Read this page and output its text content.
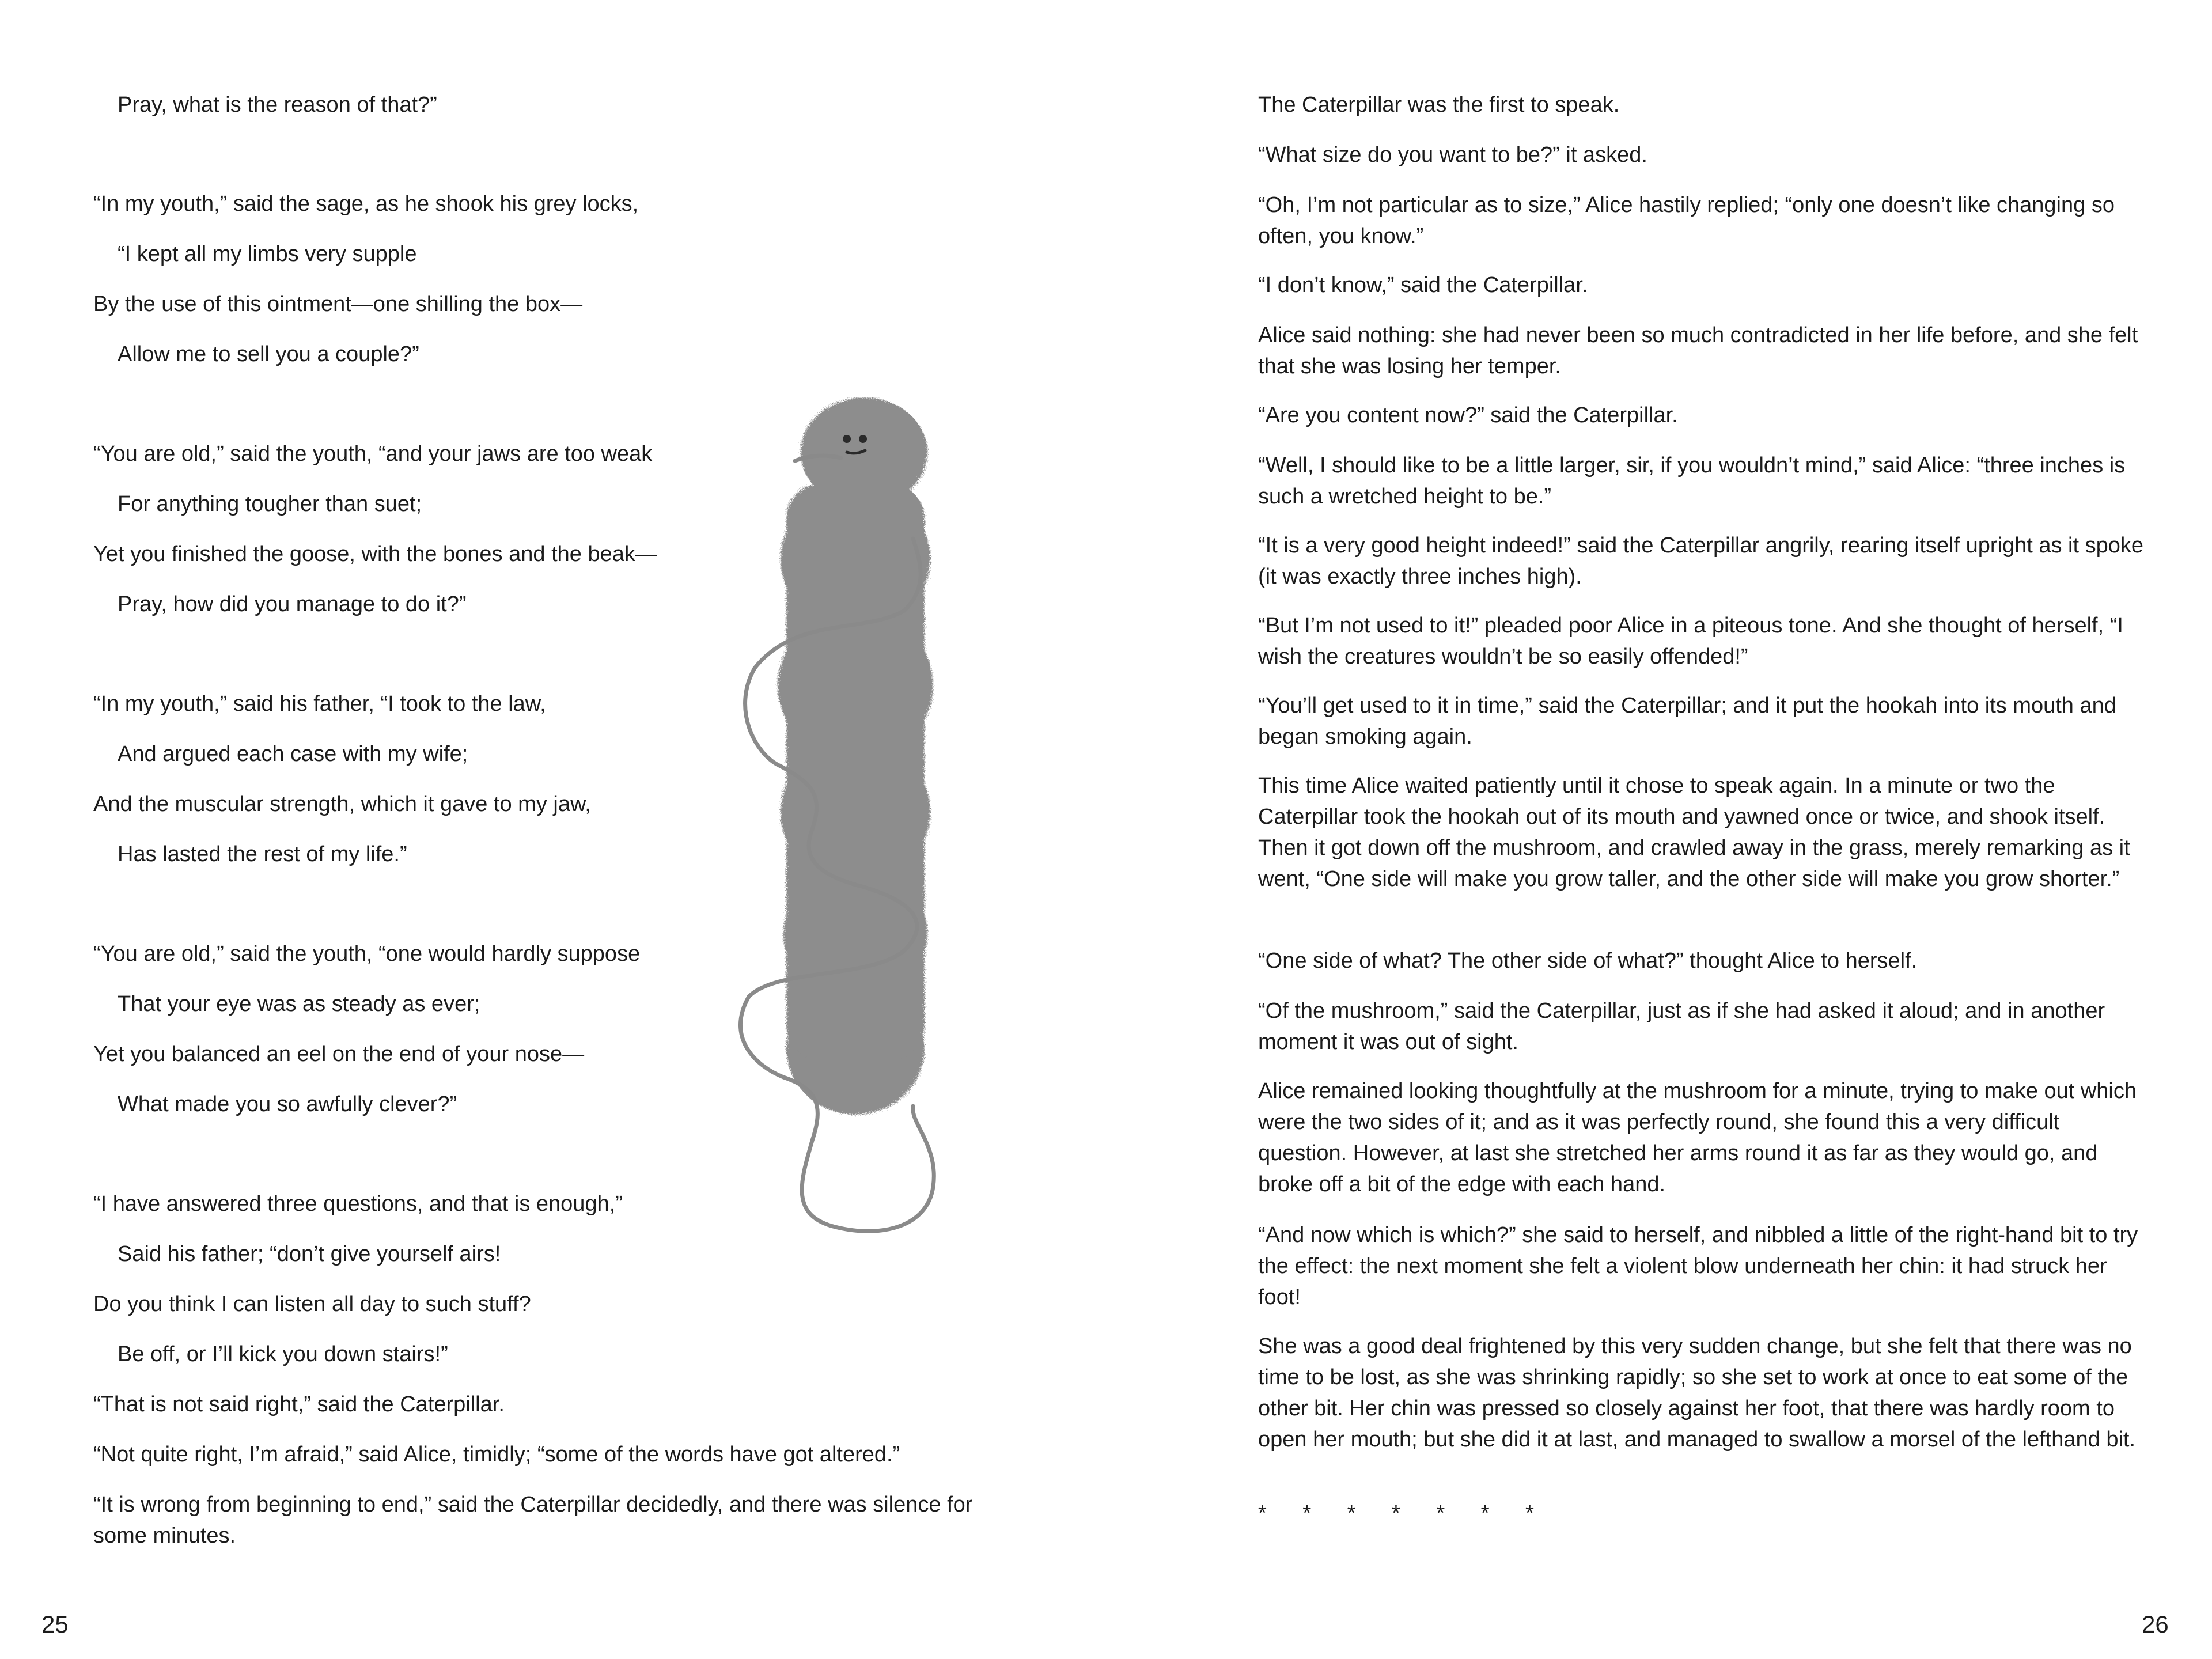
Pray, what is the reason of that?”
“In my youth,” said the sage, as he shook his grey locks,
“I kept all my limbs very supple
By the use of this ointment—one shilling the box—
Allow me to sell you a couple?”
“You are old,” said the youth, “and your jaws are too weak
For anything tougher than suet;
Yet you finished the goose, with the bones and the beak—
Pray, how did you manage to do it?”
“In my youth,” said his father, “I took to the law,
And argued each case with my wife;
And the muscular strength, which it gave to my jaw,
Has lasted the rest of my life.”
“You are old,” said the youth, “one would hardly suppose
That your eye was as steady as ever;
Yet you balanced an eel on the end of your nose—
What made you so awfully clever?”
“I have answered three questions, and that is enough,”
Said his father; “don’t give yourself airs!
Do you think I can listen all day to such stuff?
Be off, or I’ll kick you down stairs!”
“That is not said right,” said the Caterpillar.
“Not quite right, I’m afraid,” said Alice, timidly; “some of the words have got altered.”
“It is wrong from beginning to end,” said the Caterpillar decidedly, and there was silence for some minutes.
25
The Caterpillar was the first to speak.
“What size do you want to be?” it asked.
“Oh, I’m not particular as to size,” Alice hastily replied; “only one doesn’t like changing so often, you know.”
“I don’t know,” said the Caterpillar.
Alice said nothing: she had never been so much contradicted in her life before, and she felt that she was losing her temper.
“Are you content now?” said the Caterpillar.
“Well, I should like to be a little larger, sir, if you wouldn’t mind,” said Alice: “three inches is such a wretched height to be.”
“It is a very good height indeed!” said the Caterpillar angrily, rearing itself upright as it spoke (it was exactly three inches high).
“But I’m not used to it!” pleaded poor Alice in a piteous tone. And she thought of herself, “I wish the creatures wouldn’t be so easily offended!”
“You’ll get used to it in time,” said the Caterpillar; and it put the hookah into its mouth and began smoking again.
This time Alice waited patiently until it chose to speak again. In a minute or two the Caterpillar took the hookah out of its mouth and yawned once or twice, and shook itself. Then it got down off the mushroom, and crawled away in the grass, merely remarking as it went, “One side will make you grow taller, and the other side will make you grow shorter.”
“One side of what? The other side of what?” thought Alice to herself.
“Of the mushroom,” said the Caterpillar, just as if she had asked it aloud; and in another moment it was out of sight.
Alice remained looking thoughtfully at the mushroom for a minute, trying to make out which were the two sides of it; and as it was perfectly round, she found this a very difficult question. However, at last she stretched her arms round it as far as they would go, and broke off a bit of the edge with each hand.
“And now which is which?” she said to herself, and nibbled a little of the right-hand bit to try the effect: the next moment she felt a violent blow underneath her chin: it had struck her foot!
She was a good deal frightened by this very sudden change, but she felt that there was no time to be lost, as she was shrinking rapidly; so she set to work at once to eat some of the other bit. Her chin was pressed so closely against her foot, that there was hardly room to open her mouth; but she did it at last, and managed to swallow a morsel of the lefthand bit.
* * * * * * *
26
